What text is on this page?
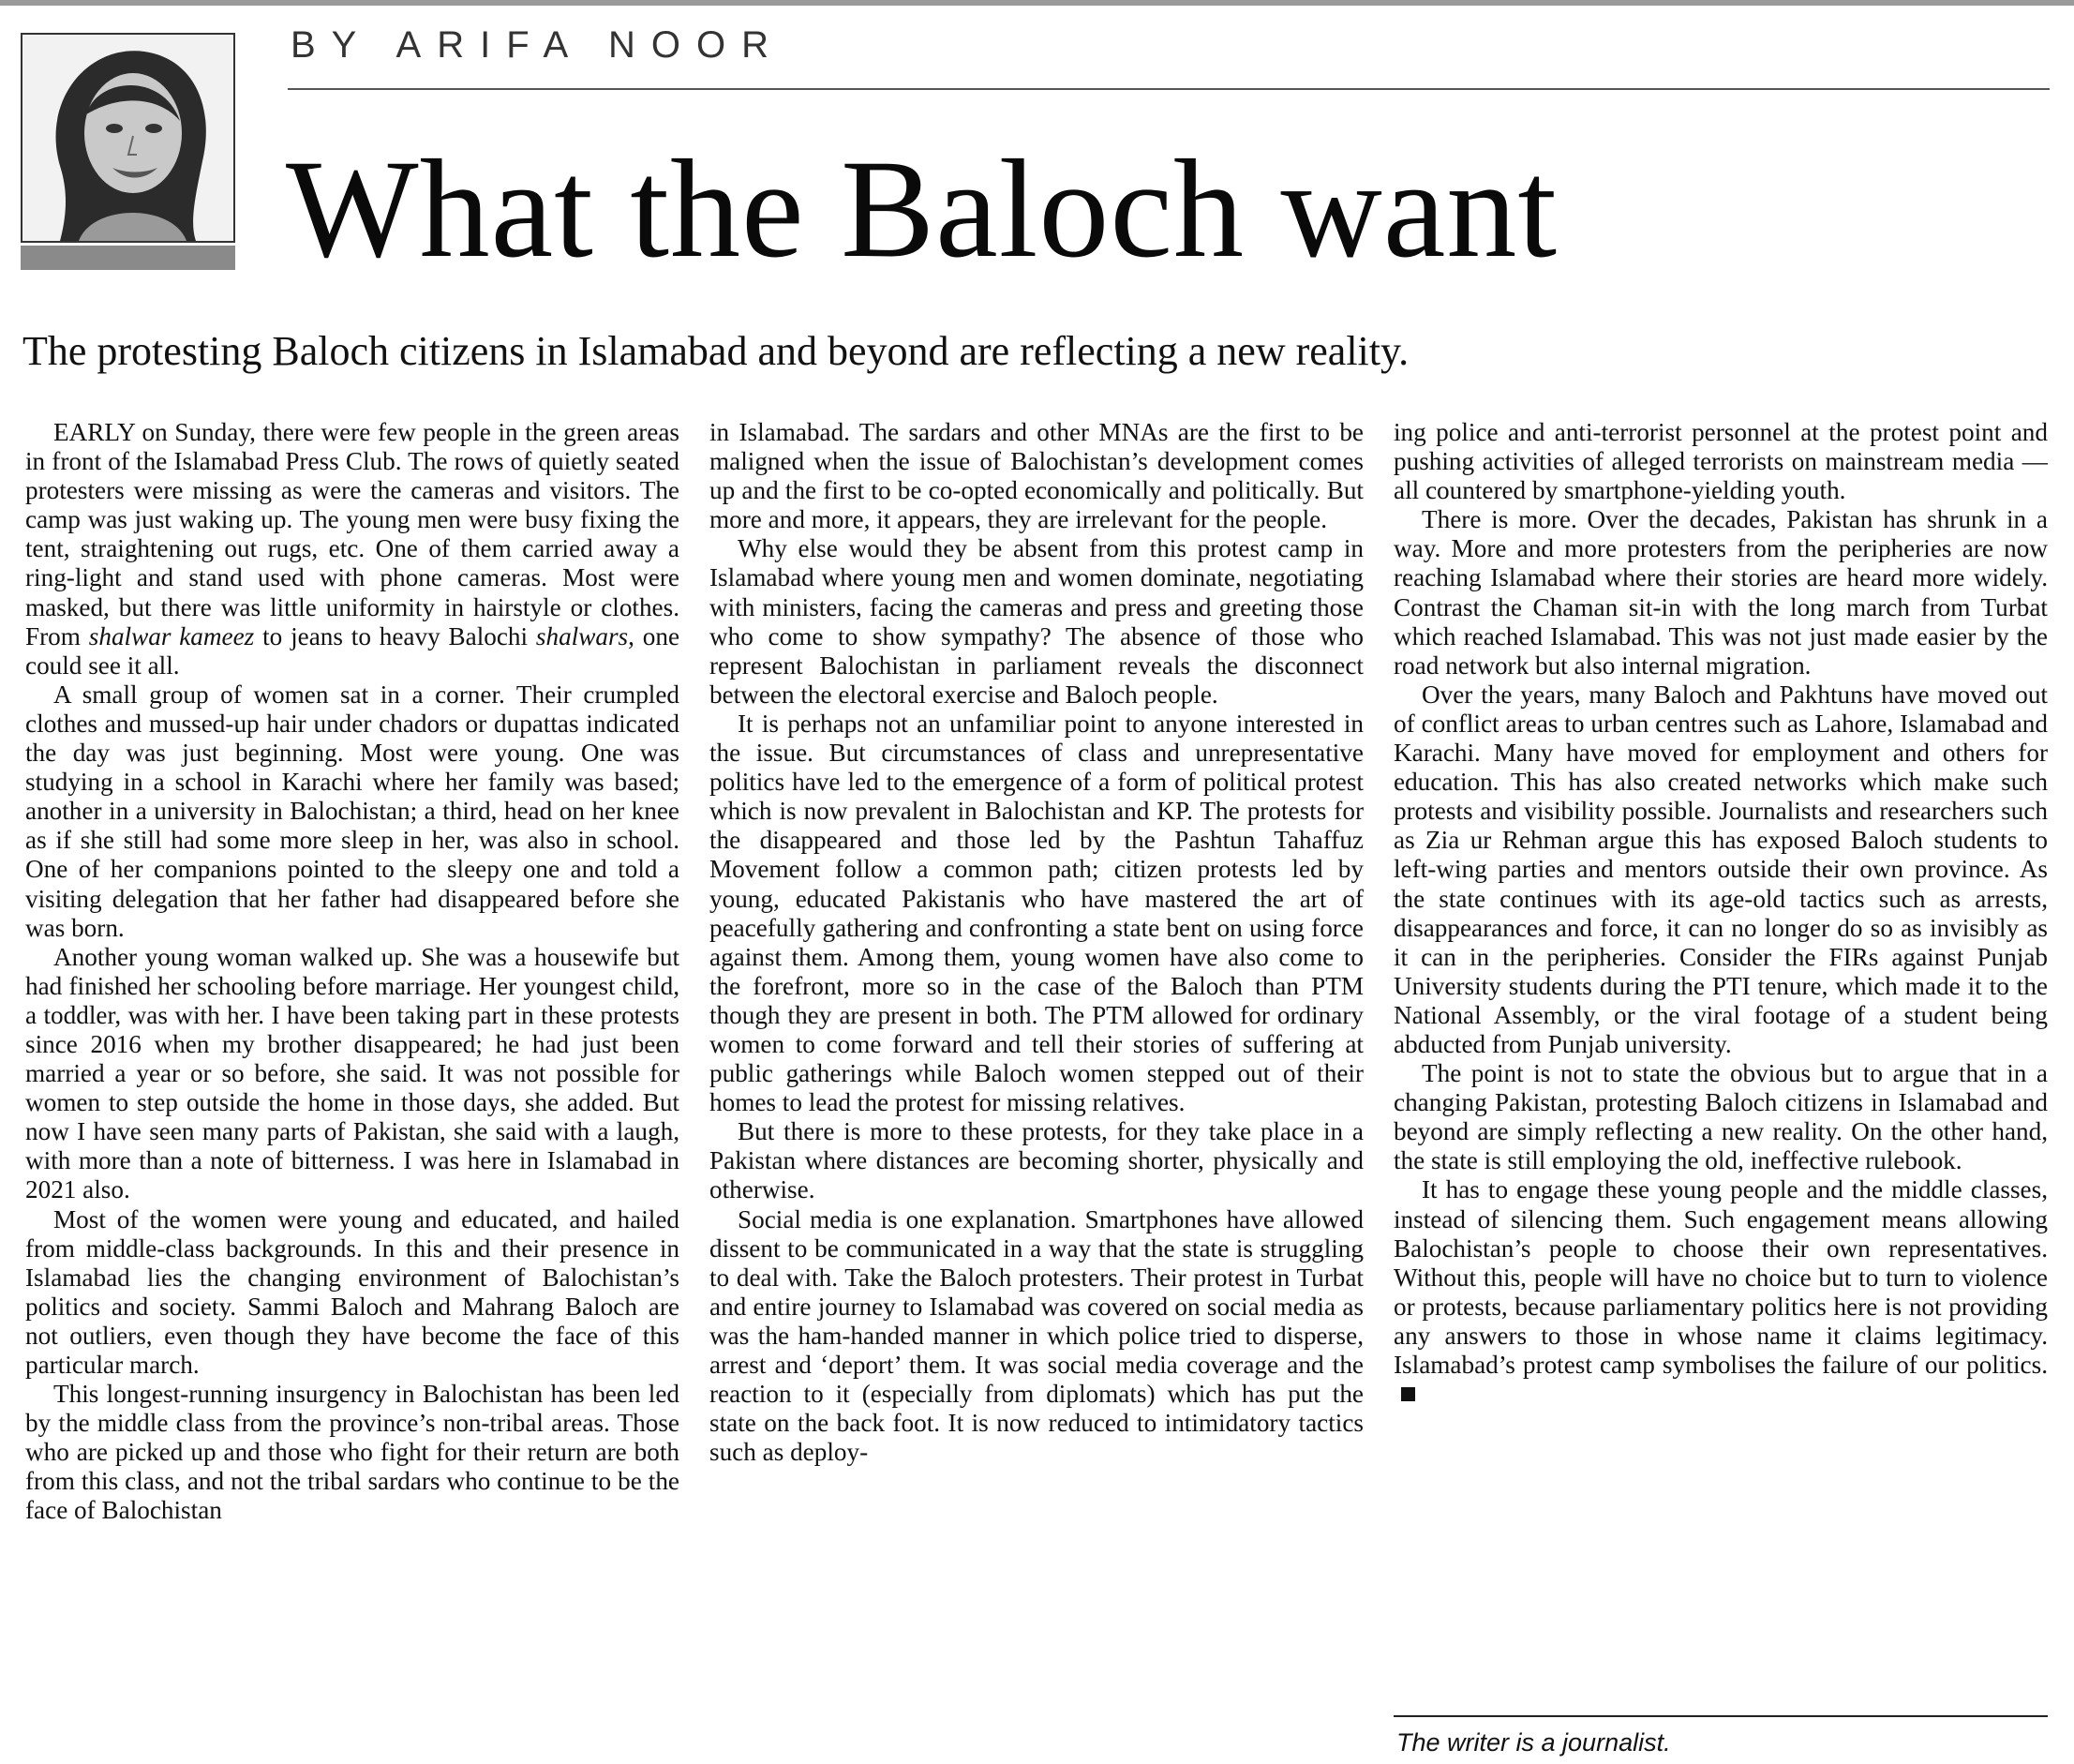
BY ARIFA NOOR
What the Baloch want
The protesting Baloch citizens in Islamabad and beyond are reflecting a new reality.

EARLY on Sunday, there were few people in the green areas in front of the Islamabad Press Club. The rows of quietly seated protesters were missing as were the cameras and visitors. The camp was just waking up. The young men were busy fixing the tent, straightening out rugs, etc. One of them carried away a ring-light and stand used with phone cameras. Most were masked, but there was little uniformity in hairstyle or clothes. From shalwar kameez to jeans to heavy Balochi shalwars, one could see it all.

A small group of women sat in a corner. Their crumpled clothes and mussed-up hair under chadors or dupattas indicated the day was just beginning. Most were young. One was studying in a school in Karachi where her family was based; another in a university in Balochistan; a third, head on her knee as if she still had some more sleep in her, was also in school. One of her companions pointed to the sleepy one and told a visiting delegation that her father had disappeared before she was born.

Another young woman walked up. She was a housewife but had finished her schooling before marriage. Her youngest child, a toddler, was with her. I have been taking part in these protests since 2016 when my brother disappeared; he had just been married a year or so before, she said. It was not possible for women to step outside the home in those days, she added. But now I have seen many parts of Pakistan, she said with a laugh, with more than a note of bitterness. I was here in Islamabad in 2021 also.

Most of the women were young and educated, and hailed from middle-class backgrounds. In this and their presence in Islamabad lies the changing environment of Balochistan’s politics and society. Sammi Baloch and Mahrang Baloch are not outliers, even though they have become the face of this particular march.

This longest-running insurgency in Balochistan has been led by the middle class from the province’s non-tribal areas. Those who are picked up and those who fight for their return are both from this class, and not the tribal sardars who continue to be the face of Balochistan

in Islamabad. The sardars and other MNAs are the first to be maligned when the issue of Balochistan’s development comes up and the first to be co-opted economically and politically. But more and more, it appears, they are irrelevant for the people.

Why else would they be absent from this protest camp in Islamabad where young men and women dominate, negotiating with ministers, facing the cameras and press and greeting those who come to show sympathy? The absence of those who represent Balochistan in parliament reveals the disconnect between the electoral exercise and Baloch people.

It is perhaps not an unfamiliar point to anyone interested in the issue. But circumstances of class and unrepresentative politics have led to the emergence of a form of political protest which is now prevalent in Balochistan and KP. The protests for the disappeared and those led by the Pashtun Tahaffuz Movement follow a common path; citizen protests led by young, educated Pakistanis who have mastered the art of peacefully gathering and confronting a state bent on using force against them. Among them, young women have also come to the forefront, more so in the case of the Baloch than PTM though they are present in both. The PTM allowed for ordinary women to come forward and tell their stories of suffering at public gatherings while Baloch women stepped out of their homes to lead the protest for missing relatives.

But there is more to these protests, for they take place in a Pakistan where distances are becoming shorter, physically and otherwise.

Social media is one explanation. Smartphones have allowed dissent to be communicated in a way that the state is struggling to deal with. Take the Baloch protesters. Their protest in Turbat and entire journey to Islamabad was covered on social media as was the ham-handed manner in which police tried to disperse, arrest and ‘deport’ them. It was social media coverage and the reaction to it (especially from diplomats) which has put the state on the back foot. It is now reduced to intimidatory tactics such as deploy-

ing police and anti-terrorist personnel at the protest point and pushing activities of alleged terrorists on mainstream media — all countered by smartphone-yielding youth.

There is more. Over the decades, Pakistan has shrunk in a way. More and more protesters from the peripheries are now reaching Islamabad where their stories are heard more widely. Contrast the Chaman sit-in with the long march from Turbat which reached Islamabad. This was not just made easier by the road network but also internal migration.

Over the years, many Baloch and Pakhtuns have moved out of conflict areas to urban centres such as Lahore, Islamabad and Karachi. Many have moved for employment and others for education. This has also created networks which make such protests and visibility possible. Journalists and researchers such as Zia ur Rehman argue this has exposed Baloch students to left-wing parties and mentors outside their own province. As the state continues with its age-old tactics such as arrests, disappearances and force, it can no longer do so as invisibly as it can in the peripheries. Consider the FIRs against Punjab University students during the PTI tenure, which made it to the National Assembly, or the viral footage of a student being abducted from Punjab university.

The point is not to state the obvious but to argue that in a changing Pakistan, protesting Baloch citizens in Islamabad and beyond are simply reflecting a new reality. On the other hand, the state is still employing the old, ineffective rulebook.

It has to engage these young people and the middle classes, instead of silencing them. Such engagement means allowing Balochistan’s people to choose their own representatives. Without this, people will have no choice but to turn to violence or protests, because parliamentary politics here is not providing any answers to those in whose name it claims legitimacy. Islamabad’s protest camp symbolises the failure of our politics.

The writer is a journalist.
